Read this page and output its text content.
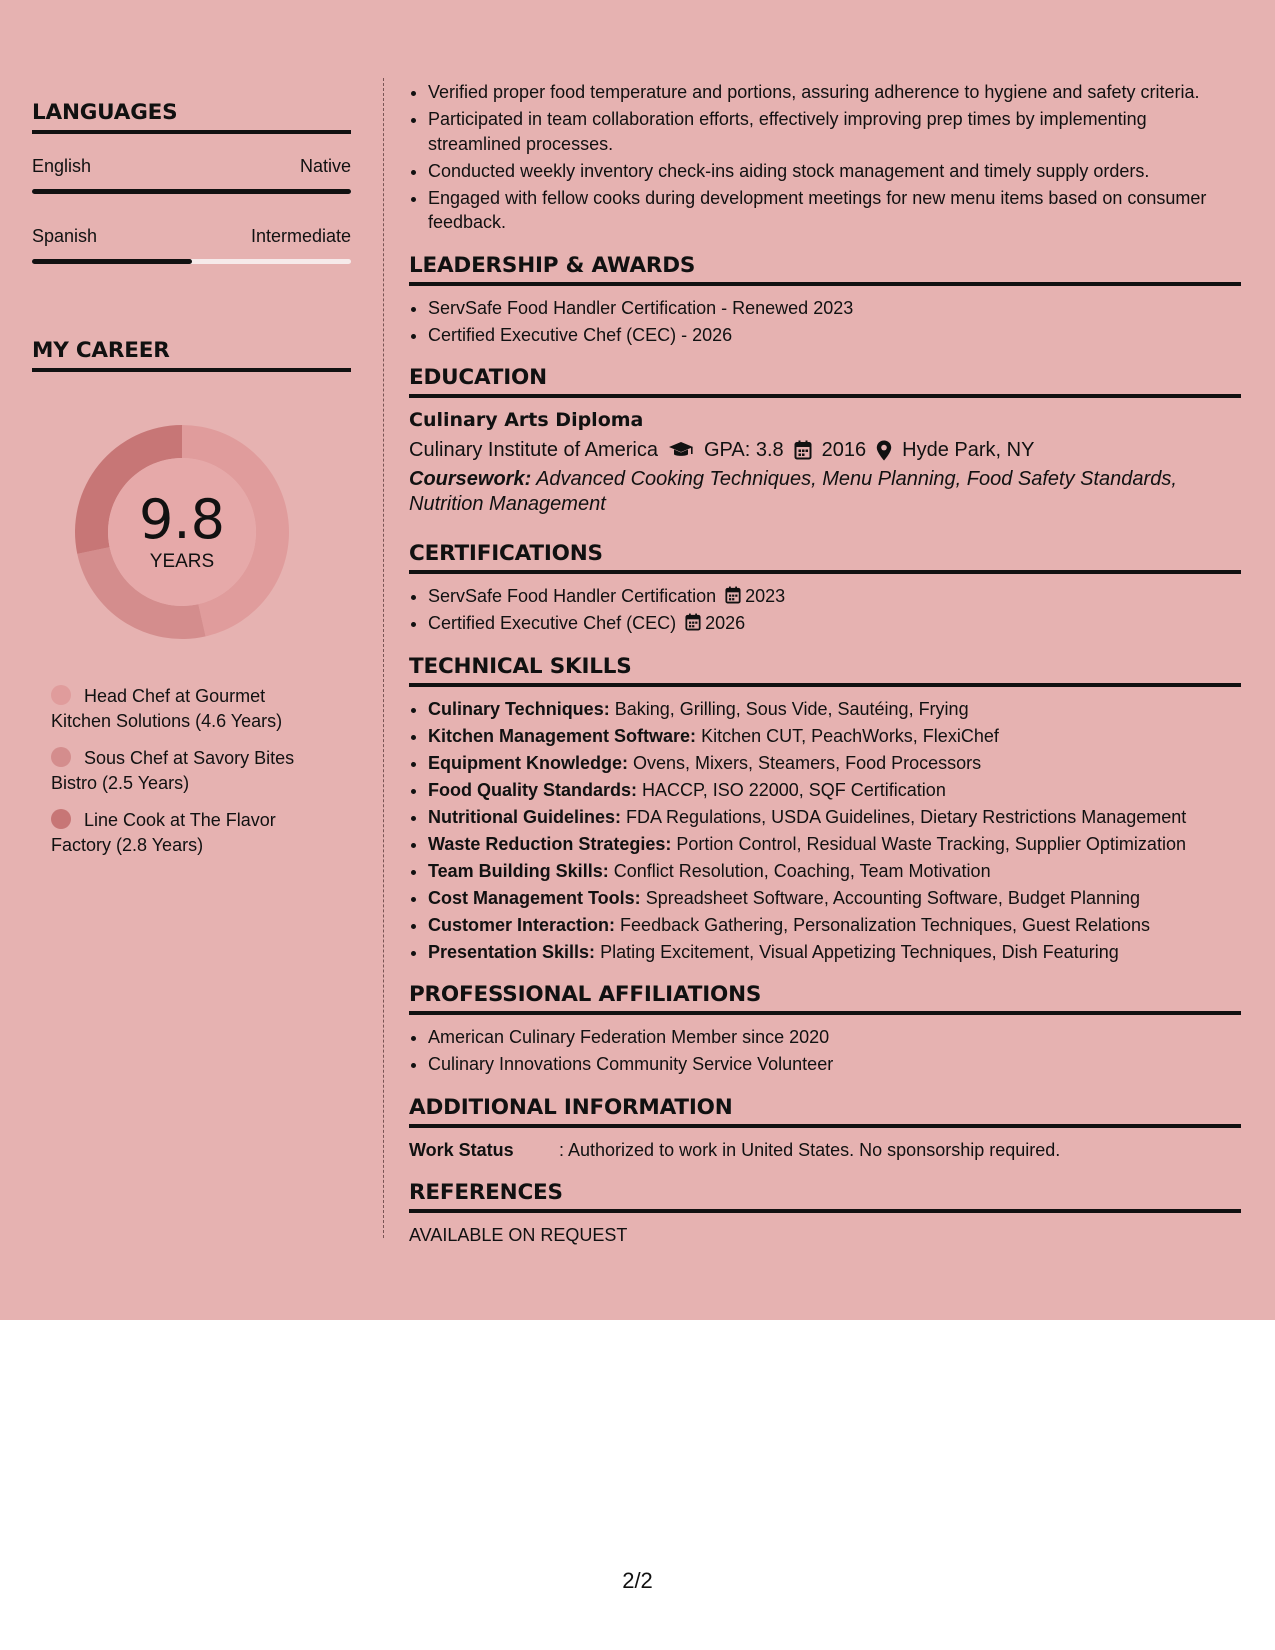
LANGUAGES
English	Native
Spanish	Intermediate
MY CAREER
9.8
YEARS
Head Chef at Gourmet Kitchen Solutions (4.6 Years)
Sous Chef at Savory Bites Bistro (2.5 Years)
Line Cook at The Flavor Factory (2.8 Years)
• Verified proper food temperature and portions, assuring adherence to hygiene and safety criteria.
• Participated in team collaboration efforts, effectively improving prep times by implementing streamlined processes.
• Conducted weekly inventory check-ins aiding stock management and timely supply orders.
• Engaged with fellow cooks during development meetings for new menu items based on consumer feedback.
LEADERSHIP & AWARDS
• ServSafe Food Handler Certification - Renewed 2023
• Certified Executive Chef (CEC) - 2026
EDUCATION
Culinary Arts Diploma
Culinary Institute of America GPA: 3.8 2016 Hyde Park, NY
Coursework: Advanced Cooking Techniques, Menu Planning, Food Safety Standards, Nutrition Management
CERTIFICATIONS
• ServSafe Food Handler Certification 2023
• Certified Executive Chef (CEC) 2026
TECHNICAL SKILLS
• Culinary Techniques: Baking, Grilling, Sous Vide, Sautéing, Frying
• Kitchen Management Software: Kitchen CUT, PeachWorks, FlexiChef
• Equipment Knowledge: Ovens, Mixers, Steamers, Food Processors
• Food Quality Standards: HACCP, ISO 22000, SQF Certification
• Nutritional Guidelines: FDA Regulations, USDA Guidelines, Dietary Restrictions Management
• Waste Reduction Strategies: Portion Control, Residual Waste Tracking, Supplier Optimization
• Team Building Skills: Conflict Resolution, Coaching, Team Motivation
• Cost Management Tools: Spreadsheet Software, Accounting Software, Budget Planning
• Customer Interaction: Feedback Gathering, Personalization Techniques, Guest Relations
• Presentation Skills: Plating Excitement, Visual Appetizing Techniques, Dish Featuring
PROFESSIONAL AFFILIATIONS
• American Culinary Federation Member since 2020
• Culinary Innovations Community Service Volunteer
ADDITIONAL INFORMATION
Work Status	: Authorized to work in United States. No sponsorship required.
REFERENCES
AVAILABLE ON REQUEST
2/2
